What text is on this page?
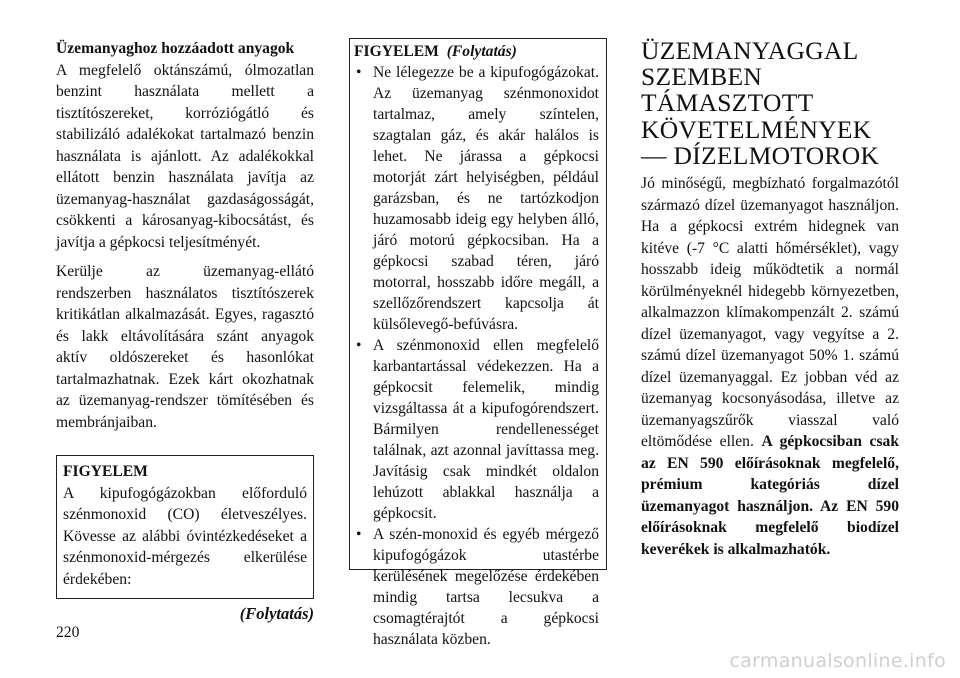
Üzemanyaghoz hozzáadott anyagok

A megfelelő oktánszámú, ólmozatlan benzint használata mellett a tisztítószereket, korróziógátló és stabilizáló adalékokat tartalmazó benzin használata is ajánlott. Az adalékokkal ellátott benzin használata javítja az üzemanyag-használat gazdaságosságát, csökkenti a károsanyag-kibocsátást, és javítja a gépkocsi teljesítményét.

Kerülje az üzemanyag-ellátó rendszerben használatos tisztítószerek kritikátlan alkalmazását. Egyes, ragasztó és lakk eltávolítására szánt anyagok aktív oldószereket és hasonlókat tartalmazhatnak. Ezek kárt okozhatnak az üzemanyag-rendszer tömítésében és membránjaiban.

FIGYELEM

A kipufogógázokban előforduló szénmonoxid (CO) életveszélyes. Kövesse az alábbi óvintézkedéseket a szénmonoxid-mérgezés elkerülése érdekében:

(Folytatás)
FIGYELEM (Folytatás)
• Ne lélegezze be a kipufogógázokat. Az üzemanyag szénmonoxidot tartalmaz, amely színtelen, szagtalan gáz, és akár halálos is lehet. Ne járassa a gépkocsi motorját zárt helyiségben, például garázsban, és ne tartózkodjon huzamosabb ideig egy helyben álló, járó motorú gépkocsiban. Ha a gépkocsi szabad téren, járó motorral, hosszabb időre megáll, a szellőzőrendszert kapcsolja át külsőlevegő-befúvásra.
• A szénmonoxid ellen megfelelő karbantartással védekezzen. Ha a gépkocsit felemelik, mindig vizsgáltassa át a kipufogórendszert. Bármilyen rendellenességet találnak, azt azonnal javíttassa meg. Javításig csak mindkét oldalon lehúzott ablakkal használja a gépkocsit.
• A szén-monoxid és egyéb mérgező kipufogógázok utastérbe kerülésének megelőzése érdekében mindig tartsa lecsukva a csomagtérajtót a gépkocsi használata közben.
ÜZEMANYAGGAL SZEMBEN TÁMASZTOTT KÖVETELMÉNYEK — DÍZELMOTOROK

Jó minőségű, megbízható forgalmazótól származó dízel üzemanyagot használjon. Ha a gépkocsi extrém hidegnek van kitéve (-7 °C alatti hőmérséklet), vagy hosszabb ideig működtetik a normál körülményeknél hidegebb környezetben, alkalmazzon klímakompenzált 2. számú dízel üzemanyagot, vagy vegyítse a 2. számú dízel üzemanyagot 50% 1. számú dízel üzemanyaggal. Ez jobban véd az üzemanyag kocsonyásodása, illetve az üzemanyagszűrők viasszal való eltömődése ellen. A gépkocsiban csak az EN 590 előírásoknak megfelelő, prémium kategóriás dízel üzemanyagot használjon. Az EN 590 előírásoknak megfelelő biodízel keverékek is alkalmazhatók.

220
carmanualsonline.info
